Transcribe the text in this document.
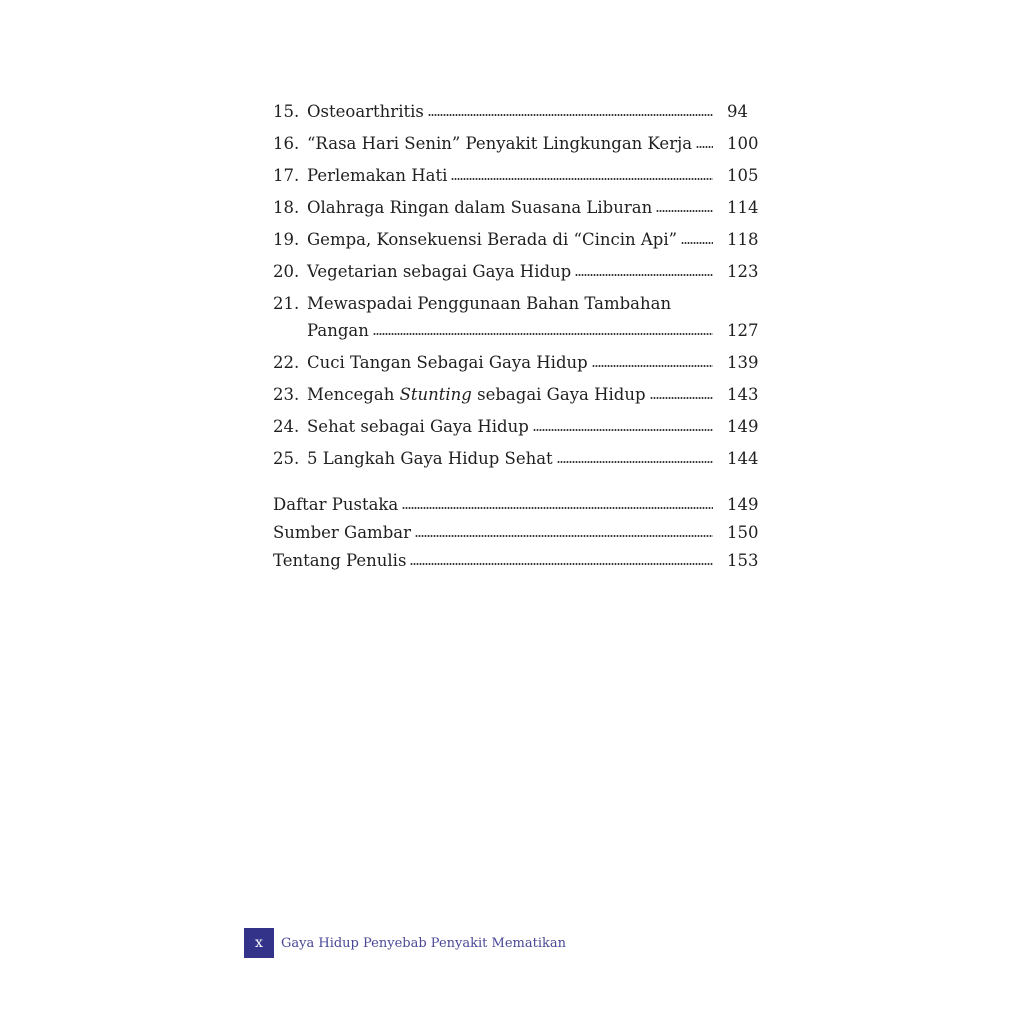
15. Osteoarthritis	94
16. “Rasa Hari Senin” Penyakit Lingkungan Kerja	100
17. Perlemakan Hati	105
18. Olahraga Ringan dalam Suasana Liburan	114
19. Gempa, Konsekuensi Berada di “Cincin Api”	118
20. Vegetarian sebagai Gaya Hidup	123
21. Mewaspadai Penggunaan Bahan Tambahan
Pangan	127
22. Cuci Tangan Sebagai Gaya Hidup	139
23. Mencegah Stunting sebagai Gaya Hidup	143
24. Sehat sebagai Gaya Hidup	149
25. 5 Langkah Gaya Hidup Sehat	144
Daftar Pustaka	149
Sumber Gambar	150
Tentang Penulis	153
x	Gaya Hidup Penyebab Penyakit Mematikan
